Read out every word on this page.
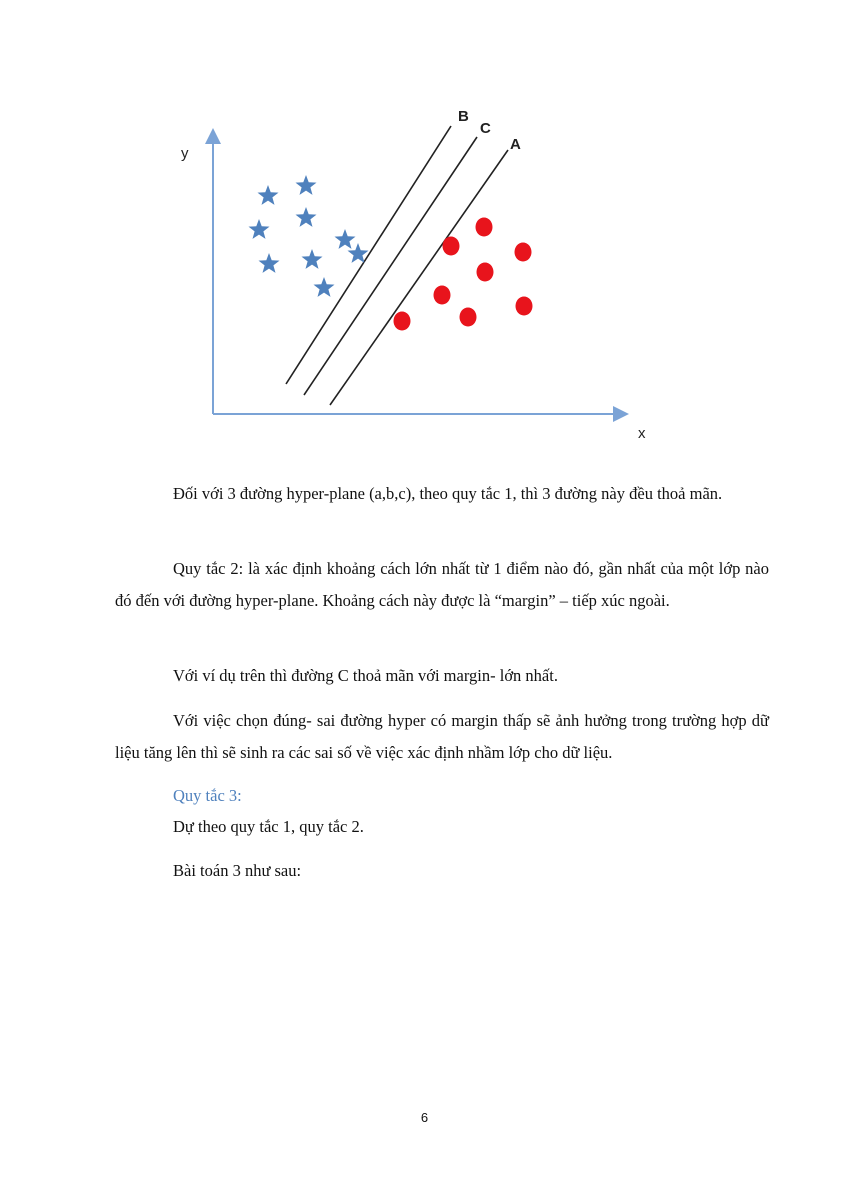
y
x
B
C
A

Đối với 3 đường hyper-plane (a,b,c), theo quy tắc 1, thì 3 đường này đều thoả mãn.

Quy tắc 2: là xác định khoảng cách lớn nhất từ 1 điểm nào đó, gần nhất của một lớp nào đó đến với đường hyper-plane. Khoảng cách này được là “margin” – tiếp xúc ngoài.

Với ví dụ trên thì đường C thoả mãn với margin- lớn nhất.

Với việc chọn đúng- sai đường hyper có margin thấp sẽ ảnh hưởng trong trường hợp dữ liệu tăng lên thì sẽ sinh ra các sai số về việc xác định nhầm lớp cho dữ liệu.

Quy tắc 3:

Dự theo quy tắc 1, quy tắc 2.

Bài toán 3 như sau:

6
